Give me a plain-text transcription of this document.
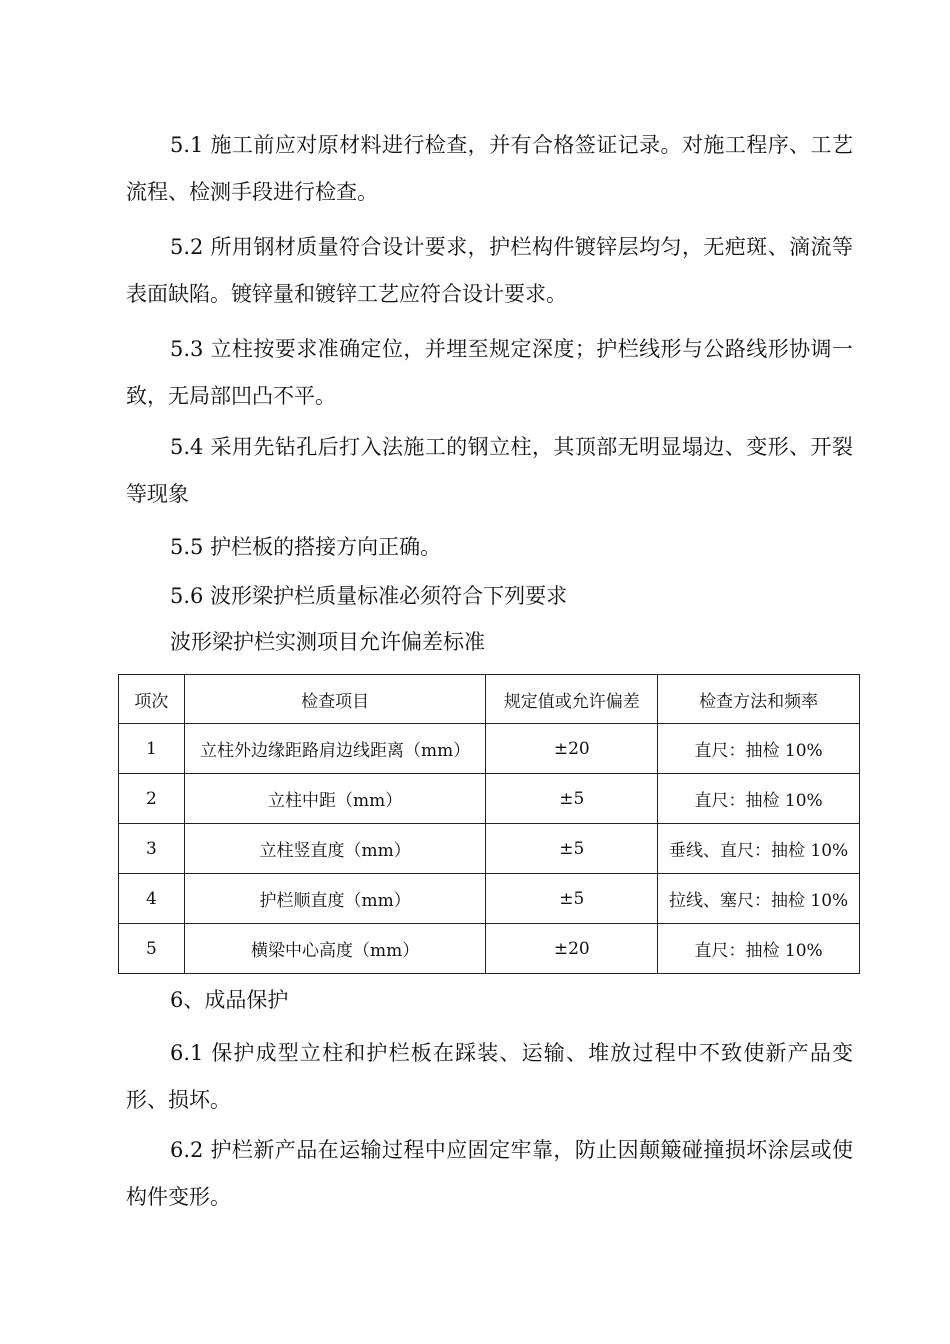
5.1 施工前应对原材料进行检查，并有合格签证记录。对施工程序、工艺流程、检测手段进行检查。

5.2 所用钢材质量符合设计要求，护栏构件镀锌层均匀，无疤斑、滴流等表面缺陷。镀锌量和镀锌工艺应符合设计要求。

5.3 立柱按要求准确定位，并埋至规定深度；护栏线形与公路线形协调一致，无局部凹凸不平。

5.4 采用先钻孔后打入法施工的钢立柱，其顶部无明显塌边、变形、开裂等现象

5.5 护栏板的搭接方向正确。

5.6 波形梁护栏质量标准必须符合下列要求

波形梁护栏实测项目允许偏差标准

项次	检查项目	规定值或允许偏差	检查方法和频率
1	立柱外边缘距路肩边线距离（mm）	±20	直尺：抽检 10%
2	立柱中距（mm）	±5	直尺：抽检 10%
3	立柱竖直度（mm）	±5	垂线、直尺：抽检 10%
4	护栏顺直度（mm）	±5	拉线、塞尺：抽检 10%
5	横梁中心高度（mm）	±20	直尺：抽检 10%

6、成品保护

6.1 保护成型立柱和护栏板在踩装、运输、堆放过程中不致使新产品变形、损坏。

6.2 护栏新产品在运输过程中应固定牢靠，防止因颠簸碰撞损坏涂层或使构件变形。
